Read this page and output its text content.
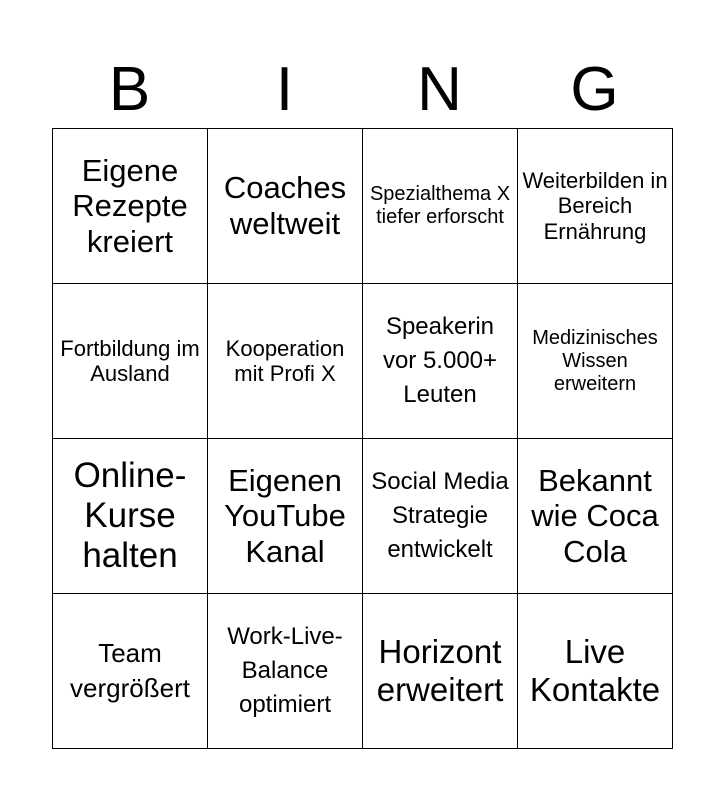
B	I	N	G
Eigene Rezepte kreiert	Coaches weltweit	Spezialthema X tiefer erforscht	Weiterbilden in Bereich Ernährung
Fortbildung im Ausland	Kooperation mit Profi X	Speakerin vor 5.000+ Leuten	Medizinisches Wissen erweitern
Online-Kurse halten	Eigenen YouTube Kanal	Social Media Strategie entwickelt	Bekannt wie Coca Cola
Team vergrößert	Work-Live-Balance optimiert	Horizont erweitert	Live Kontakte
